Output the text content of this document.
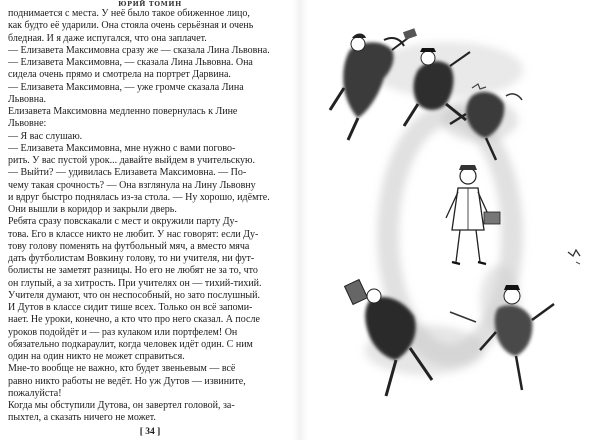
ЮРИЙ ТОМИН
поднимается с места. У неё было такое обиженное лицо,
как будто её ударили. Она стояла очень серьёзная и очень
бледная. И я даже испугался, что она заплачет.
— Елизавета Максимовна сразу же — сказала Лина Львовна.
— Елизавета Максимовна, — сказала Лина Львовна. Она
сидела очень прямо и смотрела на портрет Дарвина.
— Елизавета Максимовна, — уже громче сказала Лина
Львовна.
Елизавета Максимовна медленно повернулась к Лине
Львовне:
— Я вас слушаю.
— Елизавета Максимовна, мне нужно с вами погово-
рить. У вас пустой урок... давайте выйдем в учительскую.
— Выйти? — удивилась Елизавета Максимовна. — По-
чему такая срочность? — Она взглянула на Лину Львовну
и вдруг быстро поднялась из-за стола. — Ну хорошо, идёмте.
Они вышли в коридор и закрыли дверь.
Ребята сразу повскакали с мест и окружили парту Ду-
това. Его в классе никто не любит. У нас говорят: если Ду-
тову голову поменять на футбольный мяч, а вместо мяча
дать футболистам Вовкину голову, то ни учителя, ни фут-
болисты не заметят разницы. Но его не любят не за то, что
он глупый, а за хитрость. При учителях он — тихий-тихий.
Учителя думают, что он неспособный, но зато послушный.
И Дутов в классе сидит тише всех. Только он всё запоми-
нает. Не уроки, конечно, а кто что про него сказал. А после
уроков подойдёт и — раз кулаком или портфелем! Он
обязательно подкараулит, когда человек идёт один. С ним
один на один никто не может справиться.
Мне-то вообще не важно, кто будет звеньевым — всё
равно никто работы не ведёт. Но уж Дутов — извините,
пожалуйста!
Когда мы обступили Дутова, он завертел головой, за-
пыхтел, а сказать ничего не может.
[ 34 ]
